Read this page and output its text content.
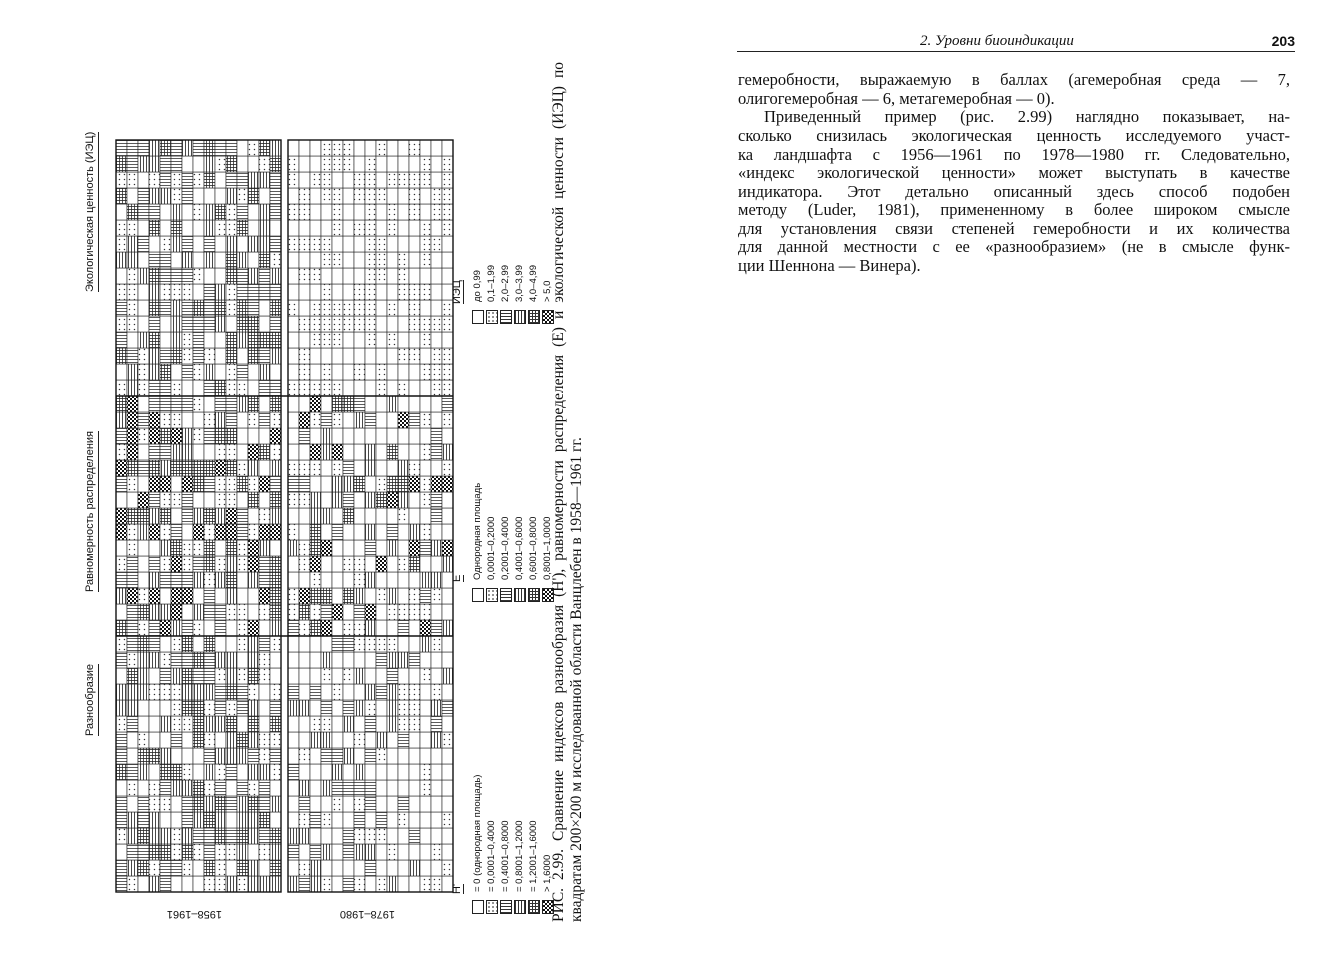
Разнообразие
Равномерность распределения
Экологическая ценность (ИЭЦ)
1958–1961	1978–1980
H' = 0 (однородная площадь) = 0,0001–0,4000 = 0,4001–0,8000 = 0,8001–1,2000 = 1,2001–1,6000 > 1,6000
E Однородная площадь 0,0001–0,2000 0,2001–0,4000 0,4001–0,6000 0,6001–0,8000 0,8001–1,0000
ИЭЦ до 0,99 0,1–1,99 2,0–2,99 3,0–3,99 4,0–4,99 > 5,0
РИС. 2.99. Сравнение индексов разнообразия (H'), равномерности распределения (E) и экологической ценности (ИЭЦ) по квадратам 200×200 м исследованной области Ванцлебен в 1958—1961 гг.
2. Уровни биоиндикации	203
гемеробности, выражаемую в баллах (агемеробная среда — 7,
олигогемеробная — 6, метагемеробная — 0).
Приведенный пример (рис. 2.99) наглядно показывает, на-
сколько снизилась экологическая ценность исследуемого участ-
ка ландшафта с 1956—1961 по 1978—1980 гг. Следовательно,
«индекс экологической ценности» может выступать в качестве
индикатора. Этот детально описанный здесь способ подобен
методу (Luder, 1981), примененному в более широком смысле
для установления связи степеней гемеробности и их количества
для данной местности с ее «разнообразием» (не в смысле функ-
ции Шеннона — Винера).
